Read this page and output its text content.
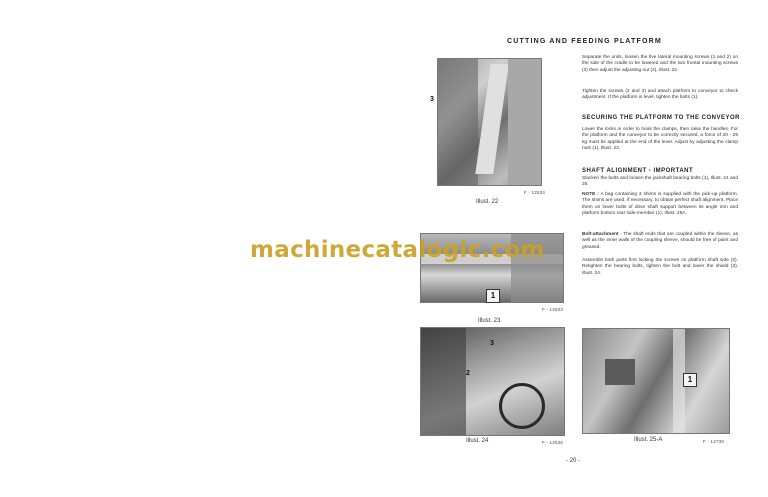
3
F - 12534
Illust. 22
1
F - 12533
Illust. 23
3
2
Illust. 24	F - 12536
1
Illust. 25-A	F - 12730
CUTTING AND FEEDING PLATFORM
Separate the units, loosen the five lateral mounting screws (1 and 2) on the side of the cradle to be lowered and the two frontal mounting screws (3) then adjust the adjusting nut (4), Illust. 22.
Tighten the screws (2 and 3) and attach platform to conveyor to check adjustment. If the platform is level, tighten the bolts (1).
SECURING THE PLATFORM TO THE CONVEYOR
Lower the locks in order to hook the clamps, then raise the handles. For the platform and the conveyor to be correctly secured, a force of 20 - 25 kg must be applied at the end of the lever. Adjust by adjusting the clamp nuts (1), Illust. 23.
SHAFT ALIGNMENT - IMPORTANT
Slacken the belts and loosen the jackshaft bearing bolts (1), Illust. 24 and 25.
NOTE : A bag containing 3 shims is supplied with the pick-up platform. The shims are used, if necessary, to obtain perfect shaft alignment. Place them on lower bolts of drive shaft support between its angle iron and platform bottom rear side-member (1), Illust. 25A.
Bolt-attachment - The shaft ends that are coupled within the sleeve, as well as the inner walls of the coupling sleeve, should be free of paint and greased.
Assemble both parts first locking the screws on platform shaft side (2). Retighten the bearing bolts, tighten the belt and lower the shield (3), Illust. 24.
machinecatalogic.com
- 20 -
